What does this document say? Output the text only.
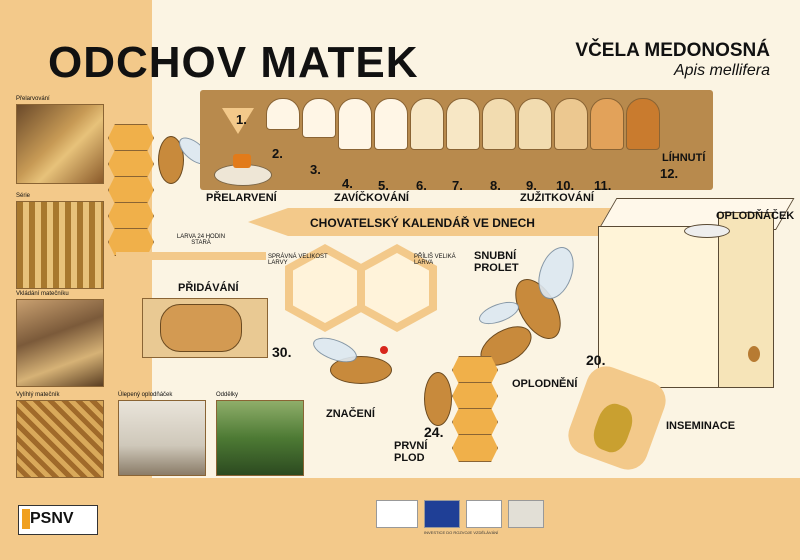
ODCHOV MATEK	VČELA MEDONOSNÁ
Apis mellifera
Přelarvování
Série
Vkládání matečníku
Vylíhlý matečník	Úlepený oplodňáček	Oddělky
1.
2.
3.
4. 5. 6. 7. 8. 9. 10. 11.
12.
PŘELARVENÍ	ZAVÍČKOVÁNÍ	ZUŽITKOVÁNÍ
LÍHNUTÍ
CHOVATELSKÝ KALENDÁŘ VE DNECH	OPLODŇÁČEK
LARVA 24 HODIN STARÁ
SPRÁVNÁ VELIKOST LARVY
PŘÍLIŠ VELIKÁ LARVA
PŘIDÁVÁNÍ
SNUBNÍ PROLET
30.
ZNAČENÍ
24.
PRVNÍ PLOD
20.
OPLODNĚNÍ
INSEMINACE
PSNV
INVESTICE DO ROZVOJE VZDĚLÁVÁNÍ
